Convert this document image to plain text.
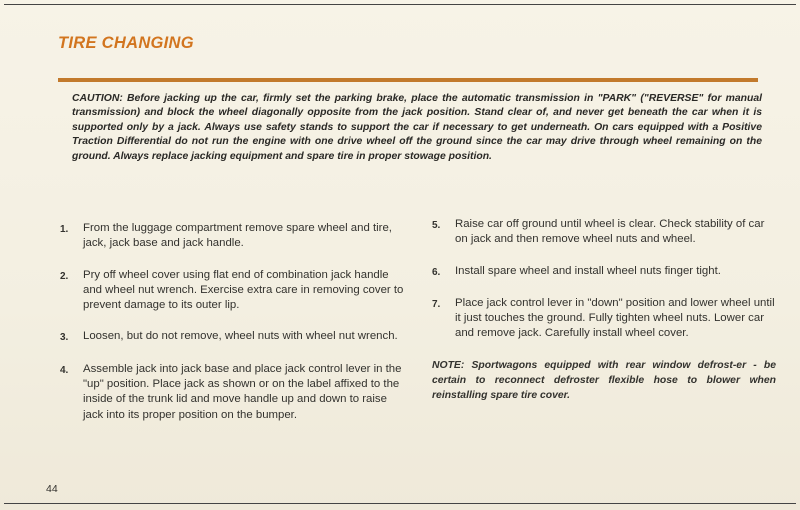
TIRE CHANGING
CAUTION: Before jacking up the car, firmly set the parking brake, place the automatic transmission in "PARK" ("REVERSE" for manual transmission) and block the wheel diagonally opposite from the jack position. Stand clear of, and never get beneath the car when it is supported only by a jack. Always use safety stands to support the car if necessary to get underneath. On cars equipped with a Positive Traction Differential do not run the engine with one drive wheel off the ground since the car may drive through wheel remaining on the ground. Always replace jacking equipment and spare tire in proper stowage position.
1.	From the luggage compartment remove spare wheel and tire, jack, jack base and jack handle.
2.	Pry off wheel cover using flat end of combination jack handle and wheel nut wrench. Exercise extra care in removing cover to prevent damage to its outer lip.
3.	Loosen, but do not remove, wheel nuts with wheel nut wrench.
4.	Assemble jack into jack base and place jack control lever in the "up" position. Place jack as shown or on the label affixed to the inside of the trunk lid and move handle up and down to raise jack into its proper position on the bumper.
5.	Raise car off ground until wheel is clear. Check stability of car on jack and then remove wheel nuts and wheel.
6.	Install spare wheel and install wheel nuts finger tight.
7.	Place jack control lever in "down" position and lower wheel until it just touches the ground. Fully tighten wheel nuts. Lower car and remove jack. Carefully install wheel cover.
NOTE: Sportwagons equipped with rear window defrost-er - be certain to reconnect defroster flexible hose to blower when reinstalling spare tire cover.
44
